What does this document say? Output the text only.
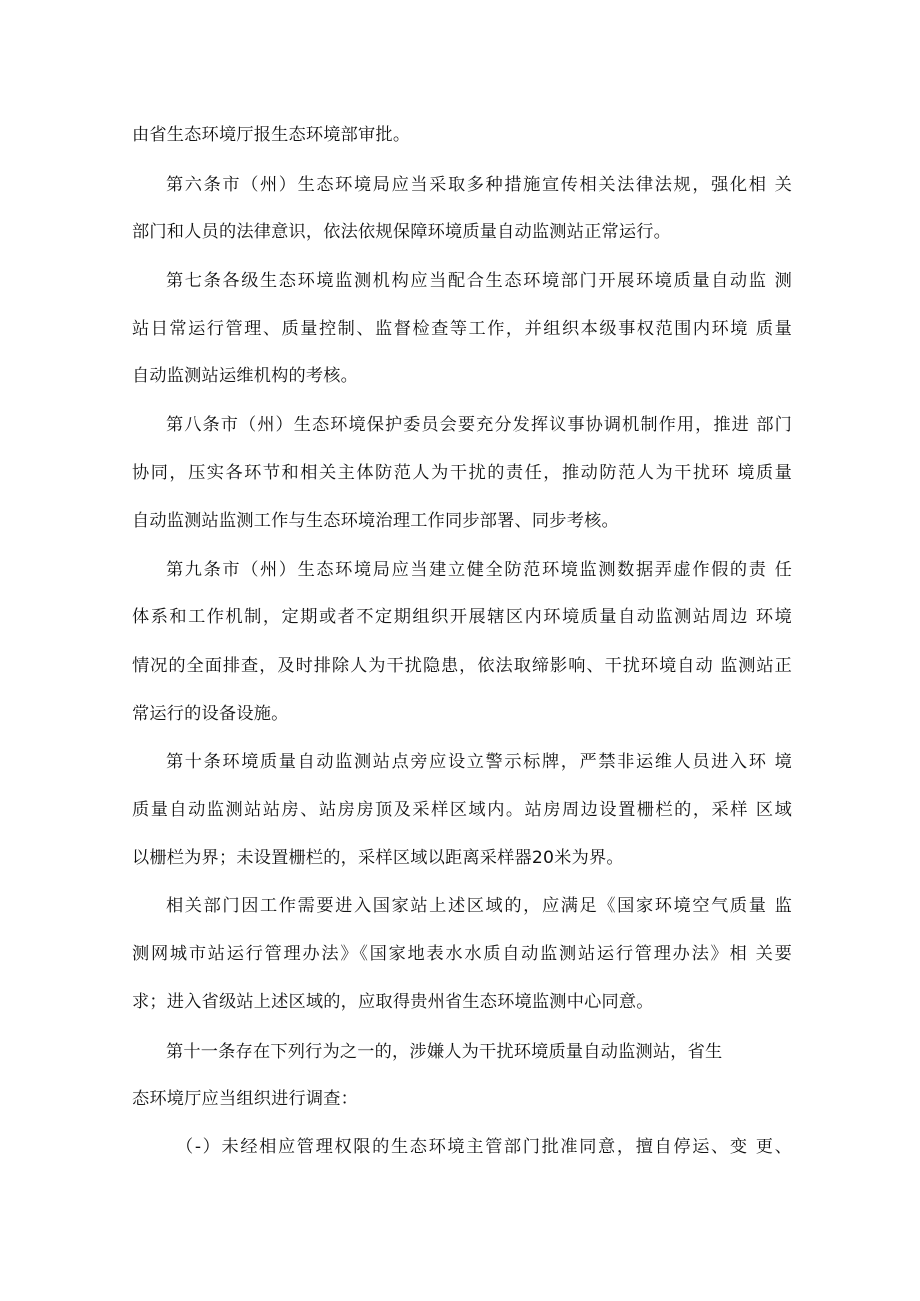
由省生态环境厅报生态环境部审批。
第六条市（州）生态环境局应当采取多种措施宣传相关法律法规，强化相 关
部门和人员的法律意识，依法依规保障环境质量自动监测站正常运行。
第七条各级生态环境监测机构应当配合生态环境部门开展环境质量自动监 测
站日常运行管理、质量控制、监督检查等工作，并组织本级事权范围内环境 质量
自动监测站运维机构的考核。
第八条市（州）生态环境保护委员会要充分发挥议事协调机制作用，推进 部门
协同，压实各环节和相关主体防范人为干扰的责任，推动防范人为干扰环 境质量
自动监测站监测工作与生态环境治理工作同步部署、同步考核。
第九条市（州）生态环境局应当建立健全防范环境监测数据弄虚作假的责 任
体系和工作机制，定期或者不定期组织开展辖区内环境质量自动监测站周边 环境
情况的全面排查，及时排除人为干扰隐患，依法取缔影响、干扰环境自动 监测站正
常运行的设备设施。
第十条环境质量自动监测站点旁应设立警示标牌，严禁非运维人员进入环 境
质量自动监测站站房、站房房顶及采样区域内。站房周边设置栅栏的，采样 区域
以栅栏为界；未设置栅栏的，采样区域以距离采样器20米为界。
相关部门因工作需要进入国家站上述区域的，应满足《国家环境空气质量 监
测网城市站运行管理办法》《国家地表水水质自动监测站运行管理办法》相 关要
求；进入省级站上述区域的，应取得贵州省生态环境监测中心同意。
第十一条存在下列行为之一的，涉嫌人为干扰环境质量自动监测站，省生
态环境厅应当组织进行调查：
（-）未经相应管理权限的生态环境主管部门批准同意，擅自停运、变 更、
